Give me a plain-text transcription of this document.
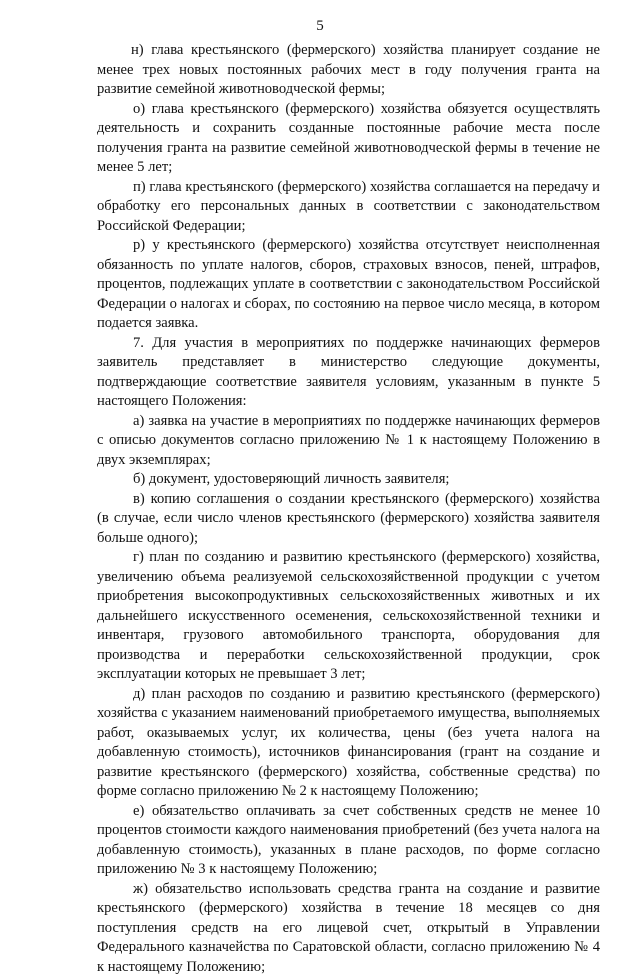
5

н) глава крестьянского (фермерского) хозяйства планирует создание не менее трех новых постоянных рабочих мест в году получения гранта на развитие семейной животноводческой фермы;

о) глава крестьянского (фермерского) хозяйства обязуется осуществлять деятельность и сохранить созданные постоянные рабочие места после получения гранта на развитие семейной животноводческой фермы в течение не менее 5 лет;

п) глава крестьянского (фермерского) хозяйства соглашается на передачу и обработку его персональных данных в соответствии с законодательством Российской Федерации;

р) у крестьянского (фермерского) хозяйства отсутствует неисполненная обязанность по уплате налогов, сборов, страховых взносов, пеней, штрафов, процентов, подлежащих уплате в соответствии с законодательством Российской Федерации о налогах и сборах, по состоянию на первое число месяца, в котором подается заявка.

7. Для участия в мероприятиях по поддержке начинающих фермеров заявитель представляет в министерство следующие документы, подтверждающие соответствие заявителя условиям, указанным в пункте 5 настоящего Положения:

а) заявка на участие в мероприятиях по поддержке начинающих фермеров с описью документов согласно приложению № 1 к настоящему Положению в двух экземплярах;

б) документ, удостоверяющий личность заявителя;

в) копию соглашения о создании крестьянского (фермерского) хозяйства (в случае, если число членов крестьянского (фермерского) хозяйства заявителя больше одного);

г) план по созданию и развитию крестьянского (фермерского) хозяйства, увеличению объема реализуемой сельскохозяйственной продукции с учетом приобретения высокопродуктивных сельскохозяйственных животных и их дальнейшего искусственного осеменения, сельскохозяйственной техники и инвентаря, грузового автомобильного транспорта, оборудования для производства и переработки сельскохозяйственной продукции, срок эксплуатации которых не превышает 3 лет;

д) план расходов по созданию и развитию крестьянского (фермерского) хозяйства с указанием наименований приобретаемого имущества, выполняемых работ, оказываемых услуг, их количества, цены (без учета налога на добавленную стоимость), источников финансирования (грант на создание и развитие крестьянского (фермерского) хозяйства, собственные средства) по форме согласно приложению № 2 к настоящему Положению;

е) обязательство оплачивать за счет собственных средств не менее 10 процентов стоимости каждого наименования приобретений (без учета налога на добавленную стоимость), указанных в плане расходов, по форме согласно приложению № 3 к настоящему Положению;

ж) обязательство использовать средства гранта на создание и развитие крестьянского (фермерского) хозяйства в течение 18 месяцев со дня поступления средств на его лицевой счет, открытый в Управлении Федерального казначейства по Саратовской области, согласно приложению № 4 к настоящему Положению;
